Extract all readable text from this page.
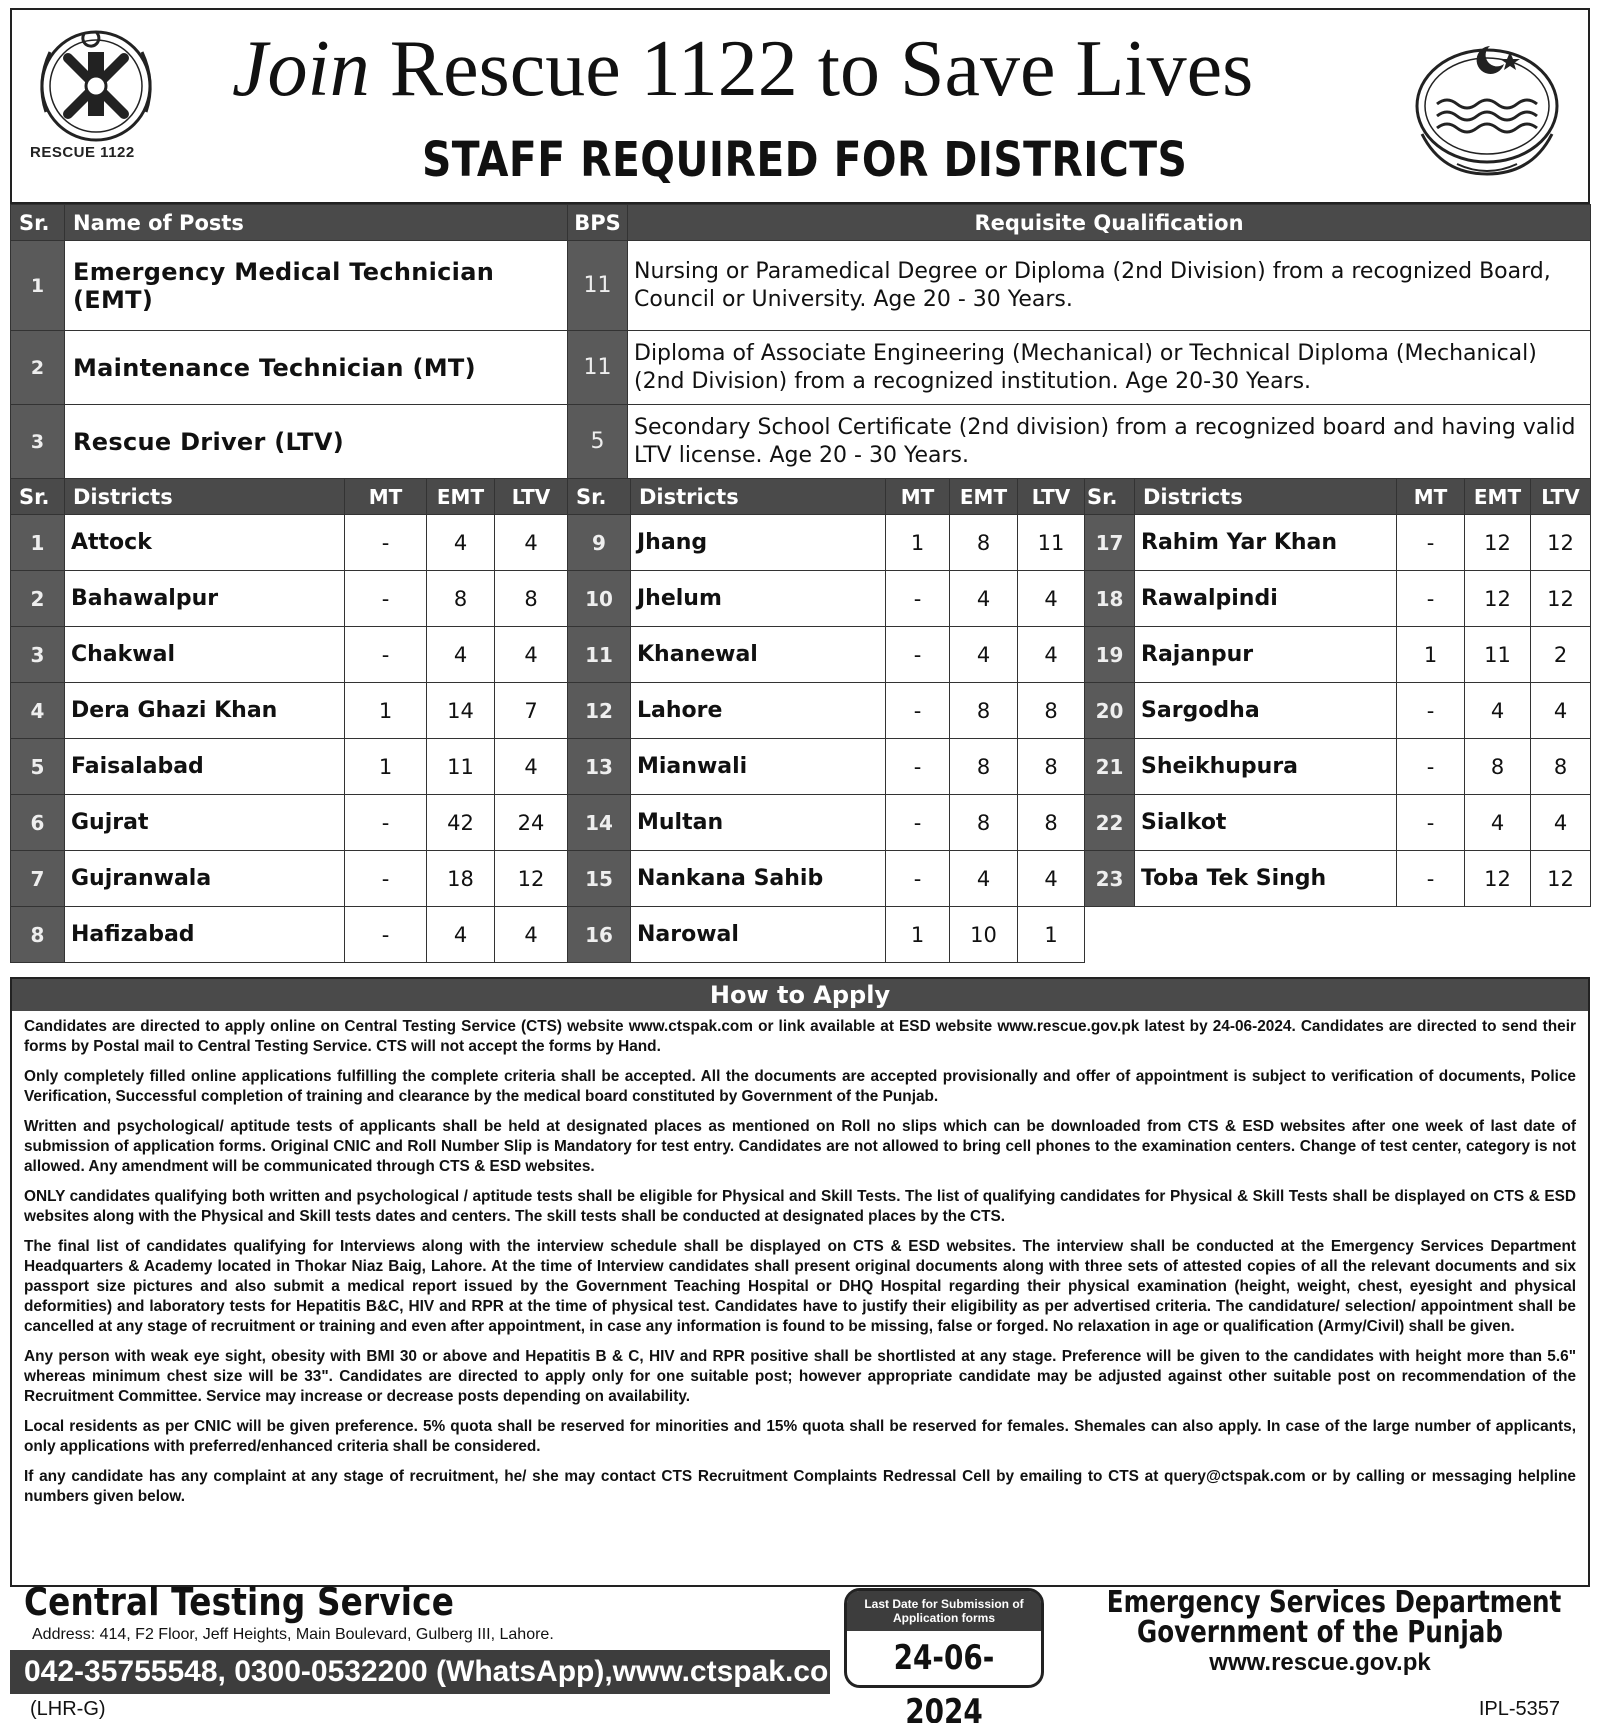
RESCUE 1122
Join Rescue 1122 to Save Lives
STAFF REQUIRED FOR DISTRICTS
Sr.	Name of Posts	BPS	Requisite Qualification
1	Emergency Medical Technician (EMT)	11	Nursing or Paramedical Degree or Diploma (2nd Division) from a recognized Board, Council or University. Age 20 - 30 Years.
2	Maintenance Technician (MT)	11	Diploma of Associate Engineering (Mechanical) or Technical Diploma (Mechanical) (2nd Division) from a recognized institution. Age 20-30 Years.
3	Rescue Driver (LTV)	5	Secondary School Certificate (2nd division) from a recognized board and having valid LTV license. Age 20 - 30 Years.
Sr.	Districts	MT	EMT	LTV	Sr.	Districts	MT	EMT	LTV	Sr.	Districts	MT	EMT	LTV
1	Attock	-	4	4	9	Jhang	1	8	11	17	Rahim Yar Khan	-	12	12
2	Bahawalpur	-	8	8	10	Jhelum	-	4	4	18	Rawalpindi	-	12	12
3	Chakwal	-	4	4	11	Khanewal	-	4	4	19	Rajanpur	1	11	2
4	Dera Ghazi Khan	1	14	7	12	Lahore	-	8	8	20	Sargodha	-	4	4
5	Faisalabad	1	11	4	13	Mianwali	-	8	8	21	Sheikhupura	-	8	8
6	Gujrat	-	42	24	14	Multan	-	8	8	22	Sialkot	-	4	4
7	Gujranwala	-	18	12	15	Nankana Sahib	-	4	4	23	Toba Tek Singh	-	12	12
8	Hafizabad	-	4	4	16	Narowal	1	10	1					
How to Apply

Candidates are directed to apply online on Central Testing Service (CTS) website www.ctspak.com or link available at ESD website www.rescue.gov.pk latest by 24-06-2024. Candidates are directed to send their forms by Postal mail to Central Testing Service. CTS will not accept the forms by Hand.

Only completely filled online applications fulfilling the complete criteria shall be accepted. All the documents are accepted provisionally and offer of appointment is subject to verification of documents, Police Verification, Successful completion of training and clearance by the medical board constituted by Government of the Punjab.

Written and psychological/ aptitude tests of applicants shall be held at designated places as mentioned on Roll no slips which can be downloaded from CTS & ESD websites after one week of last date of submission of application forms. Original CNIC and Roll Number Slip is Mandatory for test entry. Candidates are not allowed to bring cell phones to the examination centers. Change of test center, category is not allowed. Any amendment will be communicated through CTS & ESD websites.

ONLY candidates qualifying both written and psychological / aptitude tests shall be eligible for Physical and Skill Tests. The list of qualifying candidates for Physical & Skill Tests shall be displayed on CTS & ESD websites along with the Physical and Skill tests dates and centers. The skill tests shall be conducted at designated places by the CTS.

The final list of candidates qualifying for Interviews along with the interview schedule shall be displayed on CTS & ESD websites. The interview shall be conducted at the Emergency Services Department Headquarters & Academy located in Thokar Niaz Baig, Lahore. At the time of Interview candidates shall present original documents along with three sets of attested copies of all the relevant documents and six passport size pictures and also submit a medical report issued by the Government Teaching Hospital or DHQ Hospital regarding their physical examination (height, weight, chest, eyesight and physical deformities) and laboratory tests for Hepatitis B&C, HIV and RPR at the time of physical test. Candidates have to justify their eligibility as per advertised criteria. The candidature/ selection/ appointment shall be cancelled at any stage of recruitment or training and even after appointment, in case any information is found to be missing, false or forged. No relaxation in age or qualification (Army/Civil) shall be given.

Any person with weak eye sight, obesity with BMI 30 or above and Hepatitis B & C, HIV and RPR positive shall be shortlisted at any stage. Preference will be given to the candidates with height more than 5.6" whereas minimum chest size will be 33". Candidates are directed to apply only for one suitable post; however appropriate candidate may be adjusted against other suitable post on recommendation of the Recruitment Committee. Service may increase or decrease posts depending on availability.

Local residents as per CNIC will be given preference. 5% quota shall be reserved for minorities and 15% quota shall be reserved for females. Shemales can also apply. In case of the large number of applicants, only applications with preferred/enhanced criteria shall be considered.

If any candidate has any complaint at any stage of recruitment, he/ she may contact CTS Recruitment Complaints Redressal Cell by emailing to CTS at query@ctspak.com or by calling or messaging helpline numbers given below.

Central Testing Service
Address: 414, F2 Floor, Jeff Heights, Main Boulevard, Gulberg III, Lahore.
042-35755548, 0300-0532200 (WhatsApp),www.ctspak.com
Last Date for Submission of Application forms
24-06-2024
Emergency Services Department
Government of the Punjab
www.rescue.gov.pk
(LHR-G)	IPL-5357
